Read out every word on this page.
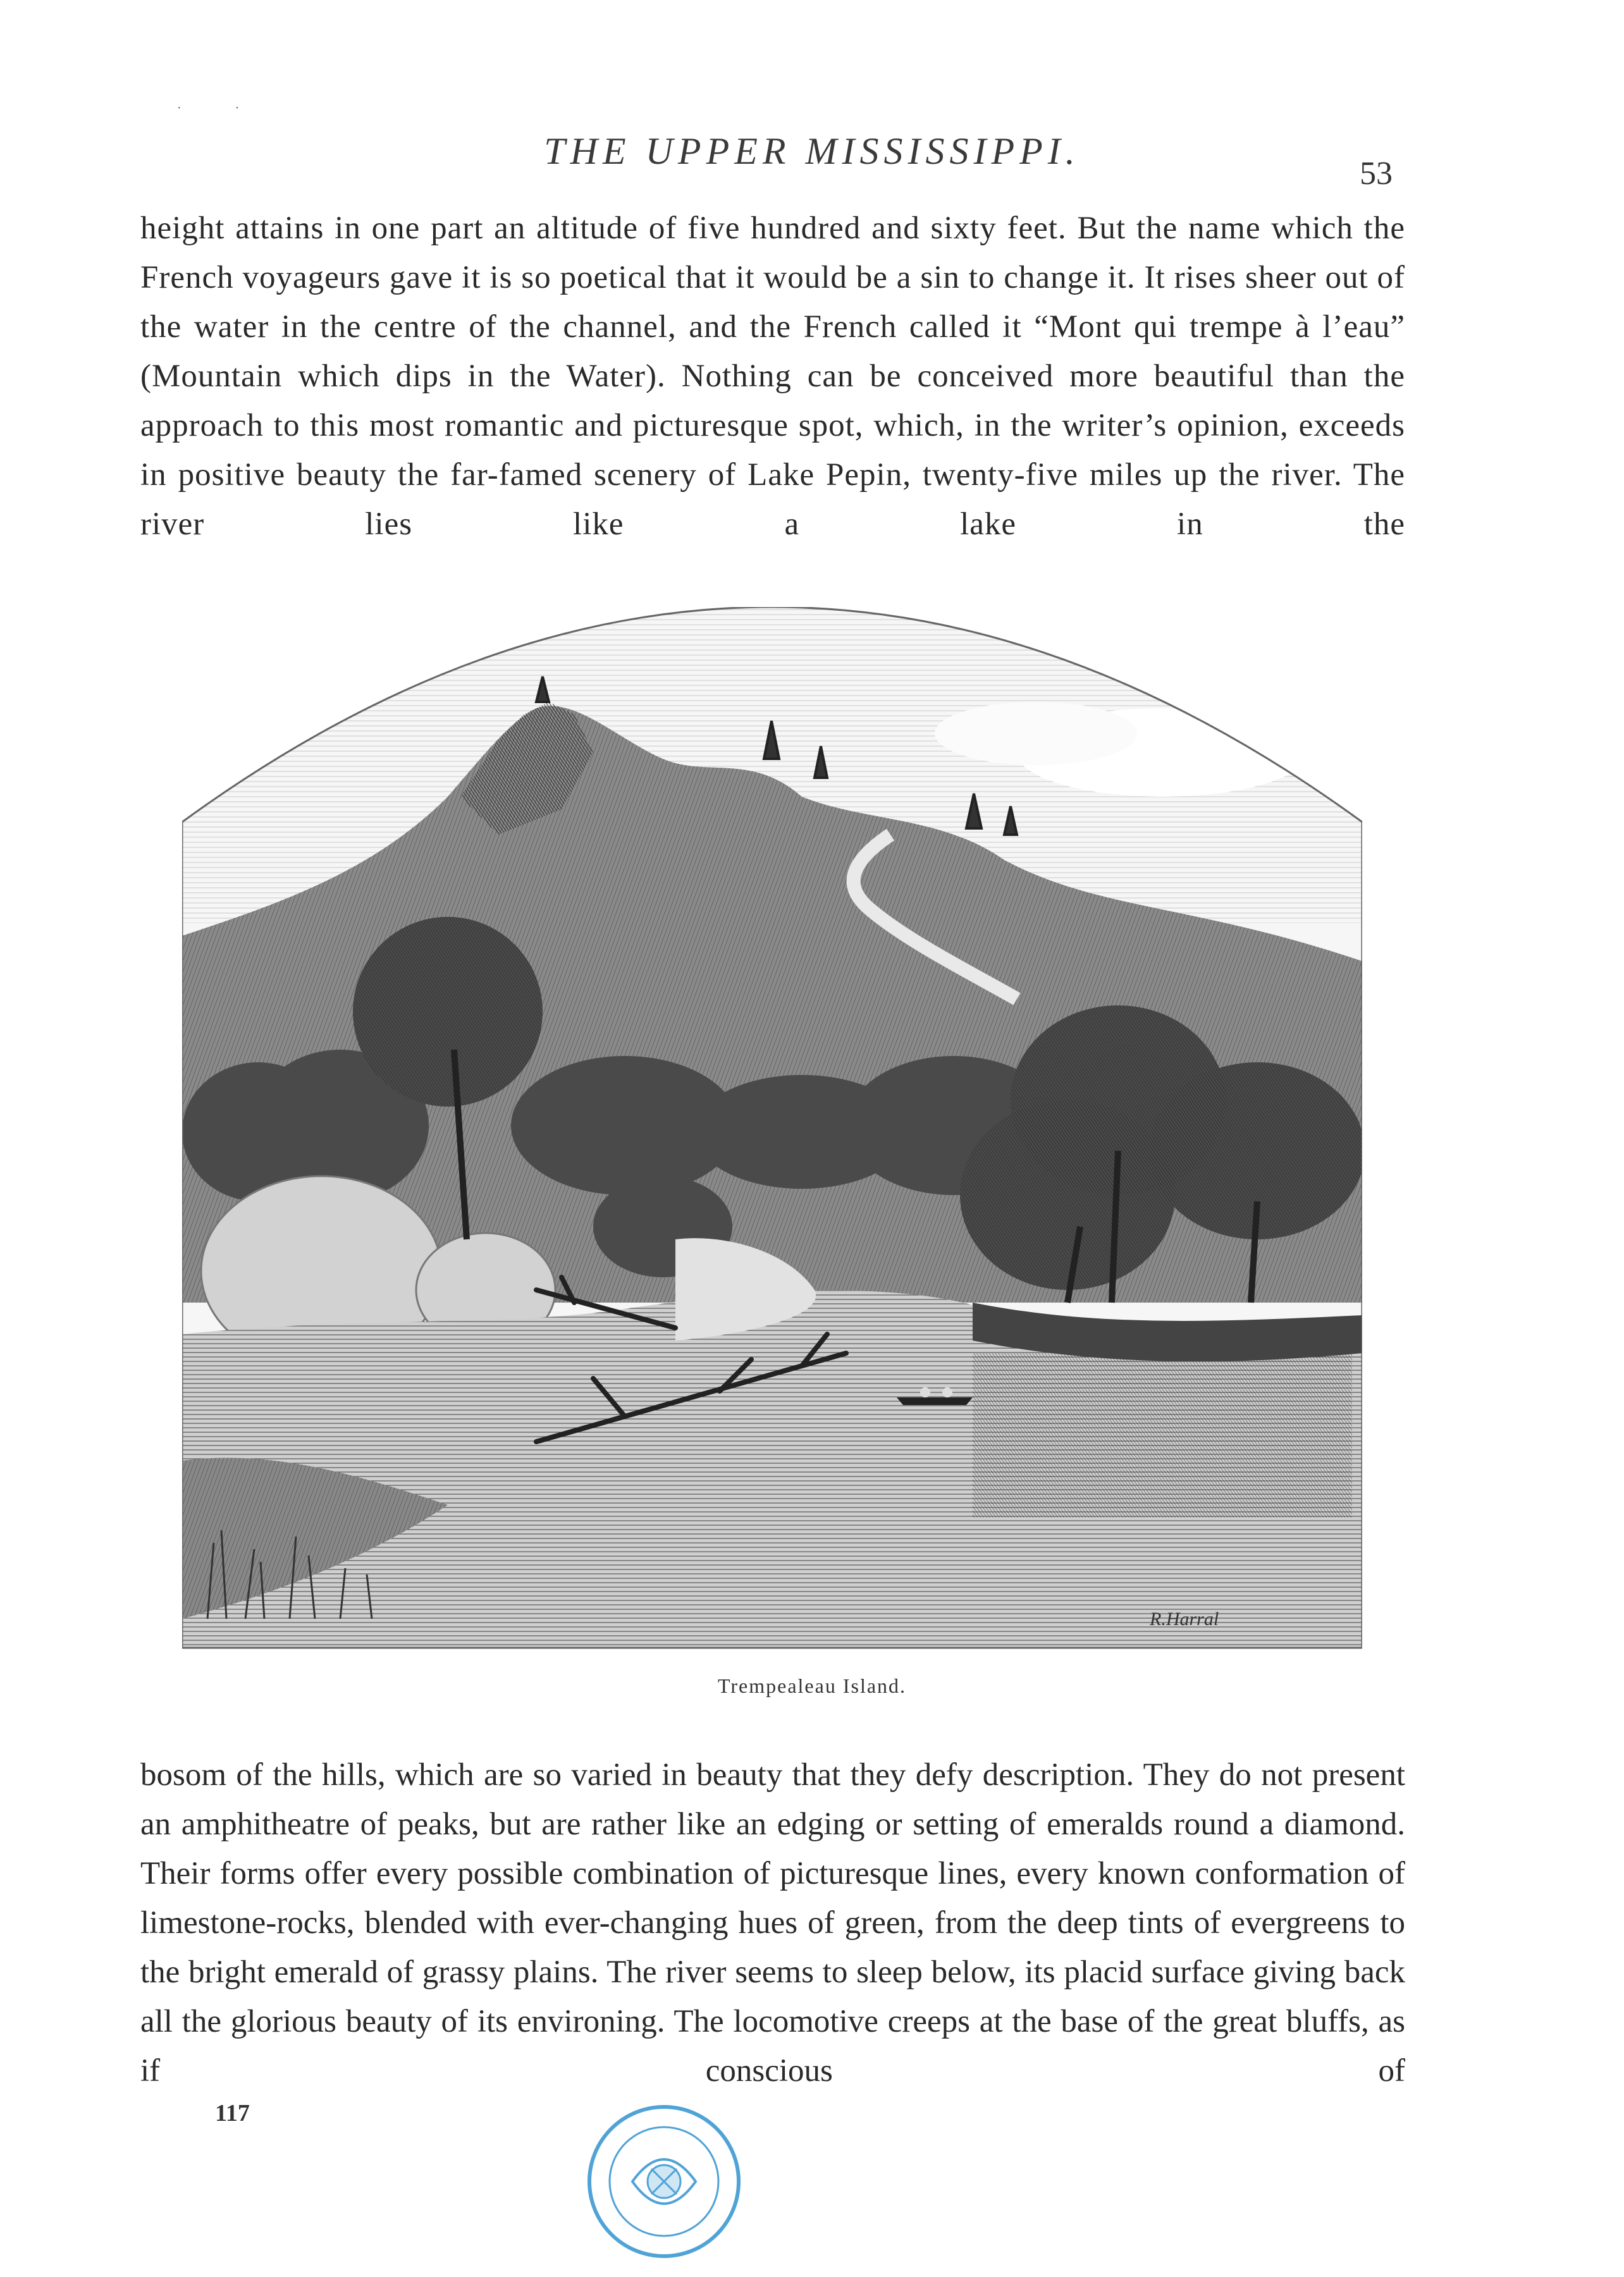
· ·
THE UPPER MISSISSIPPI.
53

height attains in one part an altitude of five hundred and sixty feet. But the name which the French voyageurs gave it is so poetical that it would be a sin to change it. It rises sheer out of the water in the centre of the channel, and the French called it “Mont qui trempe à l’eau” (Mountain which dips in the Water). Nothing can be conceived more beautiful than the approach to this most romantic and picturesque spot, which, in the writer’s opinion, exceeds in positive beauty the far-famed scenery of Lake Pepin, twenty-five miles up the river. The river lies like a lake in the

R.Harral
Trempealeau Island.

bosom of the hills, which are so varied in beauty that they defy description. They do not present an amphitheatre of peaks, but are rather like an edging or setting of emeralds round a diamond. Their forms offer every possible combination of picturesque lines, every known conformation of limestone-rocks, blended with ever-changing hues of green, from the deep tints of evergreens to the bright emerald of grassy plains. The river seems to sleep below, its placid surface giving back all the glorious beauty of its environing. The locomotive creeps at the base of the great bluffs, as if conscious of

117
